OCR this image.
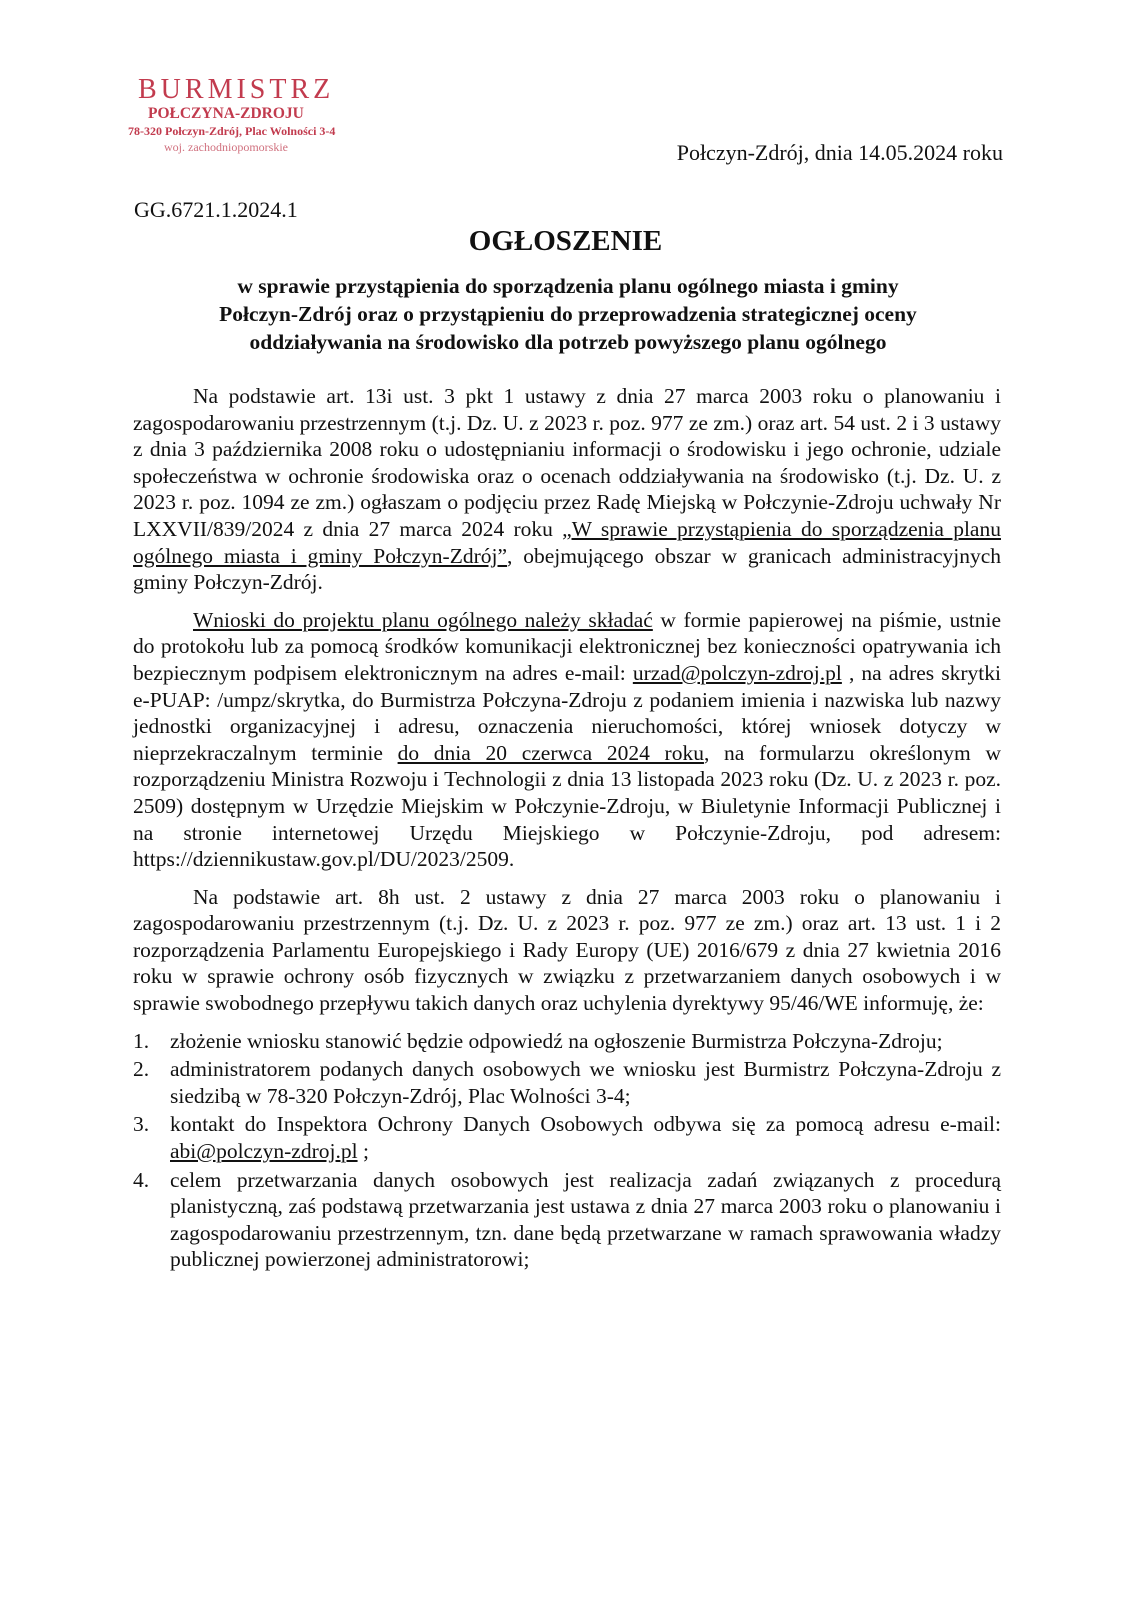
BURMISTRZ
POŁCZYNA-ZDROJU
78-320 Połczyn-Zdrój, Plac Wolności 3-4
woj. zachodniopomorskie	Połczyn-Zdrój, dnia 14.05.2024 roku
GG.6721.1.2024.1
OGŁOSZENIE
w sprawie przystąpienia do sporządzenia planu ogólnego miasta i gminy
Połczyn-Zdrój oraz o przystąpieniu do przeprowadzenia strategicznej oceny
oddziaływania na środowisko dla potrzeb powyższego planu ogólnego

Na podstawie art. 13i ust. 3 pkt 1 ustawy z dnia 27 marca 2003 roku o planowaniu i zagospodarowaniu przestrzennym (t.j. Dz. U. z 2023 r. poz. 977 ze zm.) oraz art. 54 ust. 2 i 3 ustawy z dnia 3 października 2008 roku o udostępnianiu informacji o środowisku i jego ochronie, udziale społeczeństwa w ochronie środowiska oraz o ocenach oddziaływania na środowisko (t.j. Dz. U. z 2023 r. poz. 1094 ze zm.) ogłaszam o podjęciu przez Radę Miejską w Połczynie-Zdroju uchwały Nr LXXVII/839/2024 z dnia 27 marca 2024 roku „W sprawie przystąpienia do sporządzenia planu ogólnego miasta i gminy Połczyn-Zdrój”, obejmującego obszar w granicach administracyjnych gminy Połczyn-Zdrój.

Wnioski do projektu planu ogólnego należy składać w formie papierowej na piśmie, ustnie do protokołu lub za pomocą środków komunikacji elektronicznej bez konieczności opatrywania ich bezpiecznym podpisem elektronicznym na adres e-mail: urzad@polczyn-zdroj.pl , na adres skrytki e-PUAP: /umpz/skrytka, do Burmistrza Połczyna-Zdroju z podaniem imienia i nazwiska lub nazwy jednostki organizacyjnej i adresu, oznaczenia nieruchomości, której wniosek dotyczy w nieprzekraczalnym terminie do dnia 20 czerwca 2024 roku, na formularzu określonym w rozporządzeniu Ministra Rozwoju i Technologii z dnia 13 listopada 2023 roku (Dz. U. z 2023 r. poz. 2509) dostępnym w Urzędzie Miejskim w Połczynie-Zdroju, w Biuletynie Informacji Publicznej i na stronie internetowej Urzędu Miejskiego w Połczynie-Zdroju, pod adresem: https://dziennikustaw.gov.pl/DU/2023/2509.

Na podstawie art. 8h ust. 2 ustawy z dnia 27 marca 2003 roku o planowaniu i zagospodarowaniu przestrzennym (t.j. Dz. U. z 2023 r. poz. 977 ze zm.) oraz art. 13 ust. 1 i 2 rozporządzenia Parlamentu Europejskiego i Rady Europy (UE) 2016/679 z dnia 27 kwietnia 2016 roku w sprawie ochrony osób fizycznych w związku z przetwarzaniem danych osobowych i w sprawie swobodnego przepływu takich danych oraz uchylenia dyrektywy 95/46/WE informuję, że:

1. złożenie wniosku stanowić będzie odpowiedź na ogłoszenie Burmistrza Połczyna-Zdroju;
2. administratorem podanych danych osobowych we wniosku jest Burmistrz Połczyna-Zdroju z siedzibą w 78-320 Połczyn-Zdrój, Plac Wolności 3-4;
3. kontakt do Inspektora Ochrony Danych Osobowych odbywa się za pomocą adresu e-mail: abi@polczyn-zdroj.pl ;
4. celem przetwarzania danych osobowych jest realizacja zadań związanych z procedurą planistyczną, zaś podstawą przetwarzania jest ustawa z dnia 27 marca 2003 roku o planowaniu i zagospodarowaniu przestrzennym, tzn. dane będą przetwarzane w ramach sprawowania władzy publicznej powierzonej administratorowi;
